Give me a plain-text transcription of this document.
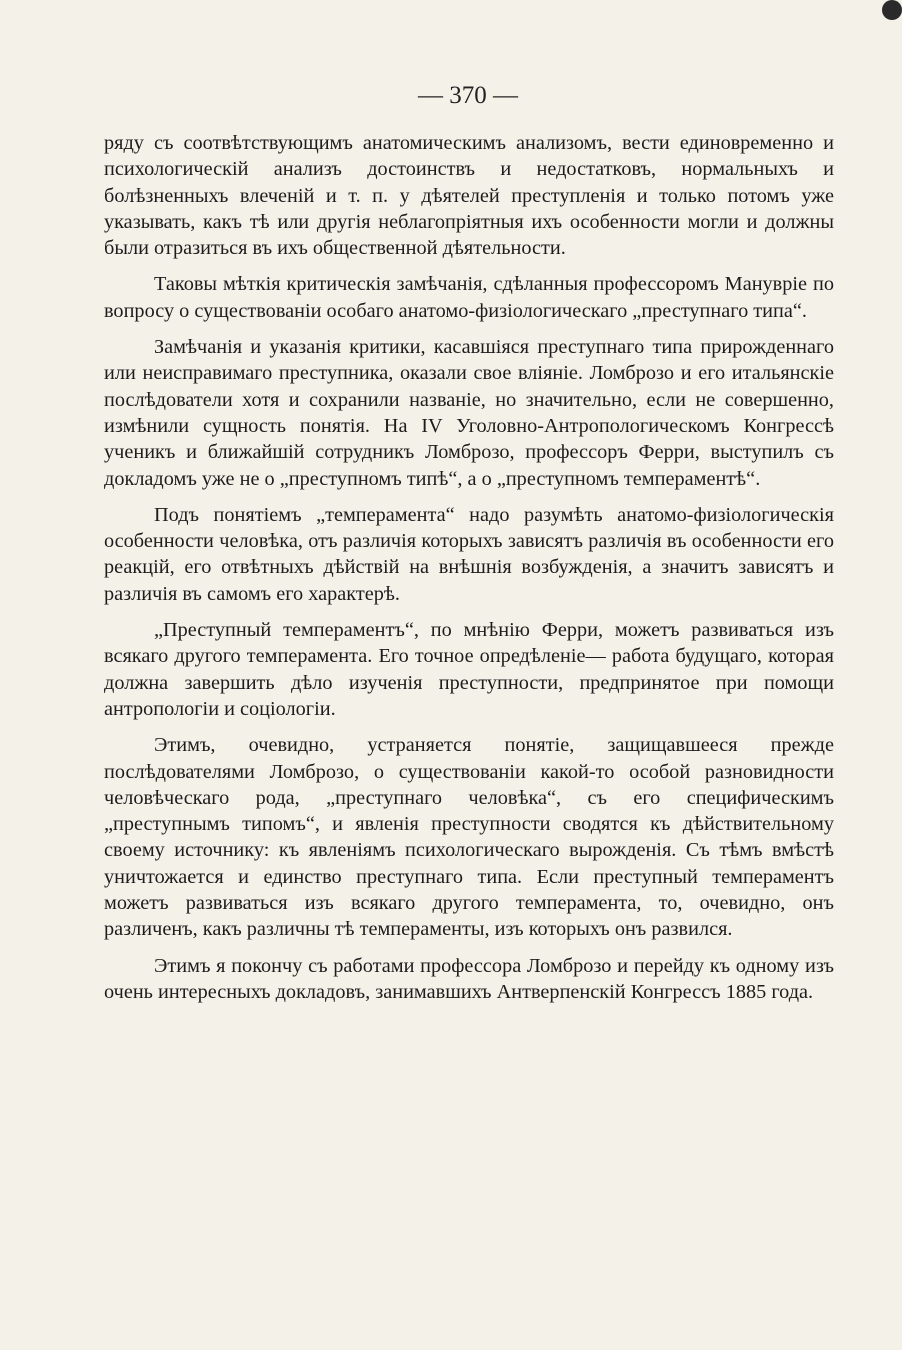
— 370 —

ряду съ соотвѣтствующимъ анатомическимъ анализомъ, вести единовременно и психологическій анализъ достоинствъ и недостатковъ, нормальныхъ и болѣзненныхъ влеченій и т. п. у дѣятелей преступленія и только потомъ уже указывать, какъ тѣ или другія неблагопріятныя ихъ особенности могли и должны были отразиться въ ихъ общественной дѣятельности.

Таковы мѣткія критическія замѣчанія, сдѣланныя профессоромъ Манувріе по вопросу о существованіи особаго анатомо-физіологическаго „преступнаго типа“.

Замѣчанія и указанія критики, касавшіяся преступнаго типа прирожденнаго или неисправимаго преступника, оказали свое вліяніе. Ломброзо и его итальянскіе послѣдователи хотя и сохранили названіе, но значительно, если не совершенно, измѣнили сущность понятія. На IV Уголовно-Антропологическомъ Конгрессѣ ученикъ и ближайшій сотрудникъ Ломброзо, профессоръ Ферри, выступилъ съ докладомъ уже не о „преступномъ типѣ“, а о „преступномъ темпераментѣ“.

Подъ понятіемъ „темперамента“ надо разумѣть анатомо-физіологическія особенности человѣка, отъ различія которыхъ зависятъ различія въ особенности его реакцій, его отвѣтныхъ дѣйствій на внѣшнія возбужденія, а значитъ зависятъ и различія въ самомъ его характерѣ.

„Преступный темпераментъ“, по мнѣнію Ферри, можетъ развиваться изъ всякаго другого темперамента. Его точное опредѣленіе— работа будущаго, которая должна завершить дѣло изученія преступности, предпринятое при помощи антропологіи и соціологіи.

Этимъ, очевидно, устраняется понятіе, защищавшееся прежде послѣдователями Ломброзо, о существованіи какой-то особой разновидности человѣческаго рода, „преступнаго человѣка“, съ его специфическимъ „преступнымъ типомъ“, и явленія преступности сводятся къ дѣйствительному своему источнику: къ явленіямъ психологическаго вырожденія. Съ тѣмъ вмѣстѣ уничтожается и единство преступнаго типа. Если преступный темпераментъ можетъ развиваться изъ всякаго другого темперамента, то, очевидно, онъ различенъ, какъ различны тѣ темпераменты, изъ которыхъ онъ развился.

Этимъ я покончу съ работами профессора Ломброзо и перейду къ одному изъ очень интересныхъ докладовъ, занимавшихъ Антверпенскій Конгрессъ 1885 года.
